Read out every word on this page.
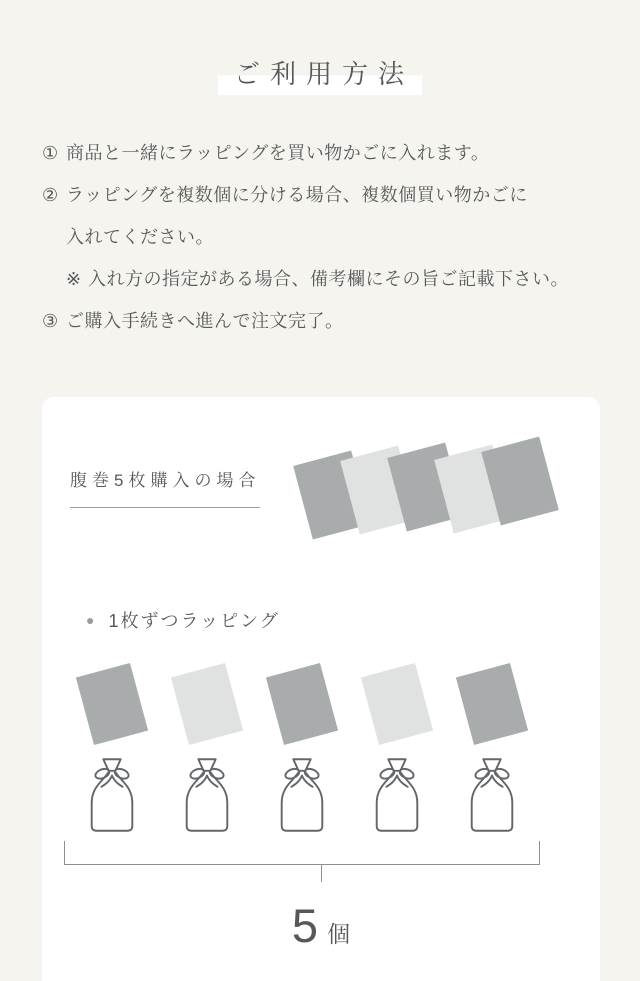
ご利用方法
① 商品と一緒にラッピングを買い物かごに入れます。
② ラッピングを複数個に分ける場合、複数個買い物かごに
入れてください。
※ 入れ方の指定がある場合、備考欄にその旨ご記載下さい。
③ ご購入手続きへ進んで注文完了。
腹巻5枚購入の場合
● 1枚ずつラッピング
5 個
